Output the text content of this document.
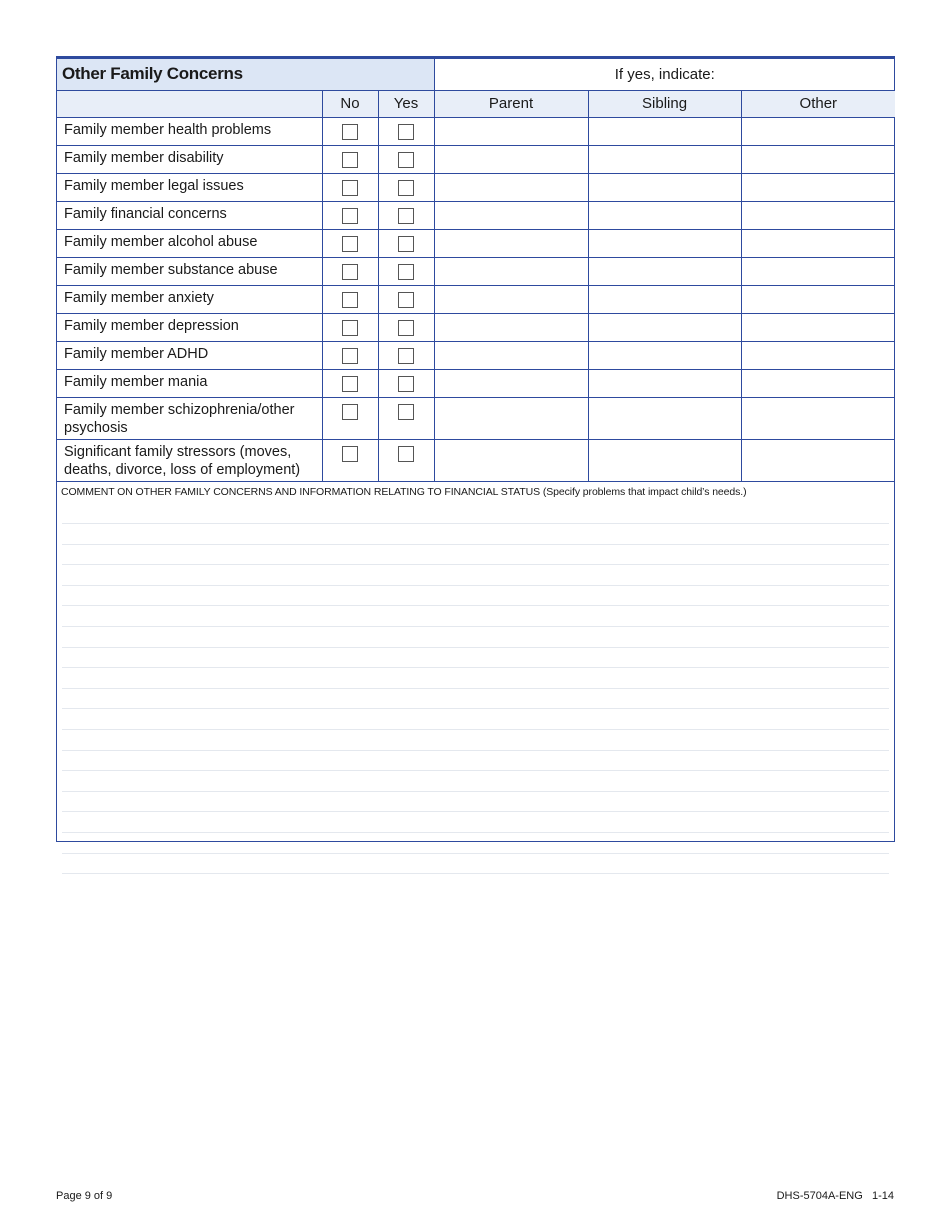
Other Family Concerns			If yes, indicate:		
	No	Yes	Parent	Sibling	Other
Family member health problems					
Family member disability					
Family member legal issues					
Family financial concerns					
Family member alcohol abuse					
Family member substance abuse					
Family member anxiety					
Family member depression					
Family member ADHD					
Family member mania					
Family member schizophrenia/other psychosis					
Significant family stressors (moves, deaths, divorce, loss of employment)					
COMMENT ON OTHER FAMILY CONCERNS AND INFORMATION RELATING TO FINANCIAL STATUS (Specify problems that impact child’s needs.)
Page 9 of 9	DHS-5704A-ENG   1-14
